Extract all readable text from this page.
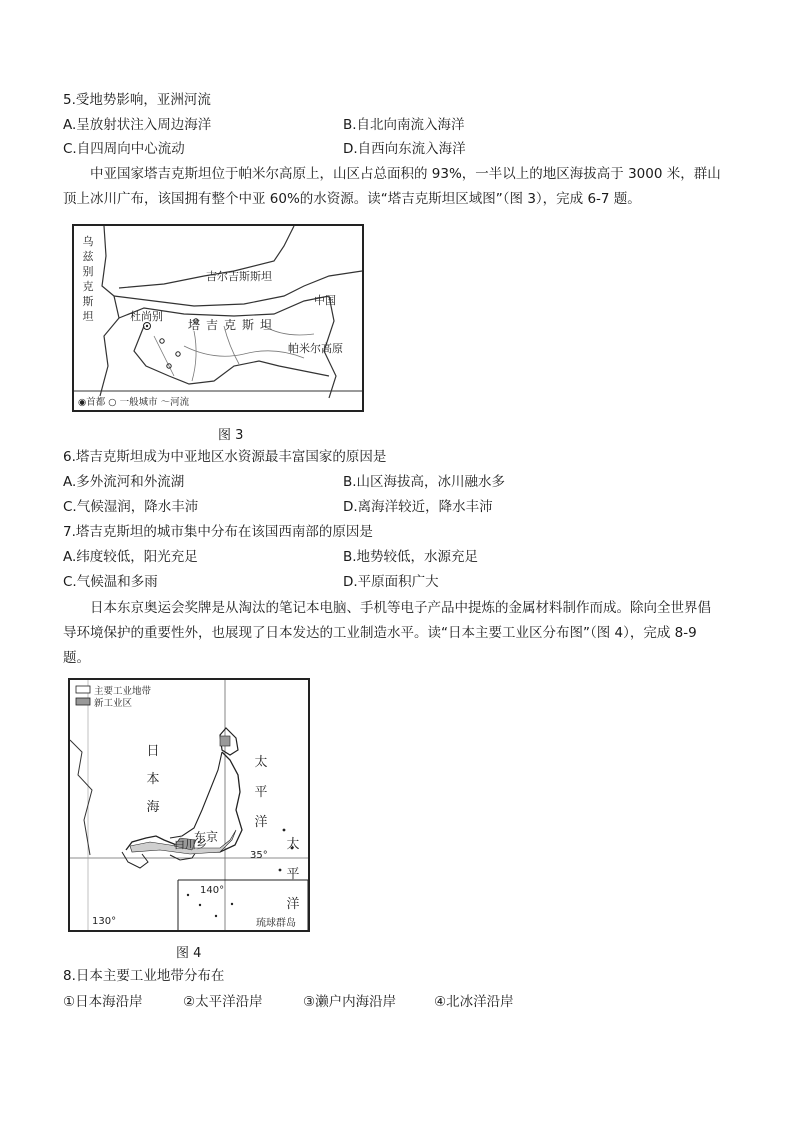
5.受地势影响，亚洲河流
A.呈放射状注入周边海洋	B.自北向南流入海洋
C.自四周向中心流动	D.自西向东流入海洋
中亚国家塔吉克斯坦位于帕米尔高原上，山区占总面积的 93%，一半以上的地区海拔高于 3000 米，群山
顶上冰川广布，该国拥有整个中亚 60%的水资源。读“塔吉克斯坦区域图”（图 3），完成 6-7 题。
乌兹别克斯坦
吉尔吉斯斯坦
中国
杜尚别
塔吉克斯坦
帕米尔高原
◉首都 ○ 一般城市 ～河流
图 3
6.塔吉克斯坦成为中亚地区水资源最丰富国家的原因是
A.多外流河和外流湖	B.山区海拔高，冰川融水多
C.气候湿润，降水丰沛	D.离海洋较近，降水丰沛
7.塔吉克斯坦的城市集中分布在该国西南部的原因是
A.纬度较低，阳光充足	B.地势较低，水源充足
C.气候温和多雨	D.平原面积广大
日本东京奥运会奖牌是从淘汰的笔记本电脑、手机等电子产品中提炼的金属材料制作而成。除向全世界倡
导环境保护的重要性外，也展现了日本发达的工业制造水平。读“日本主要工业区分布图”（图 4），完成 8-9
题。
主要工业地带
新工业区
日本海
太平洋
太平洋
东京
白川乡
35°
140°
130°	琉球群岛
图 4
8.日本主要工业地带分布在
①日本海沿岸	②太平洋沿岸	③濑户内海沿岸	④北冰洋沿岸
